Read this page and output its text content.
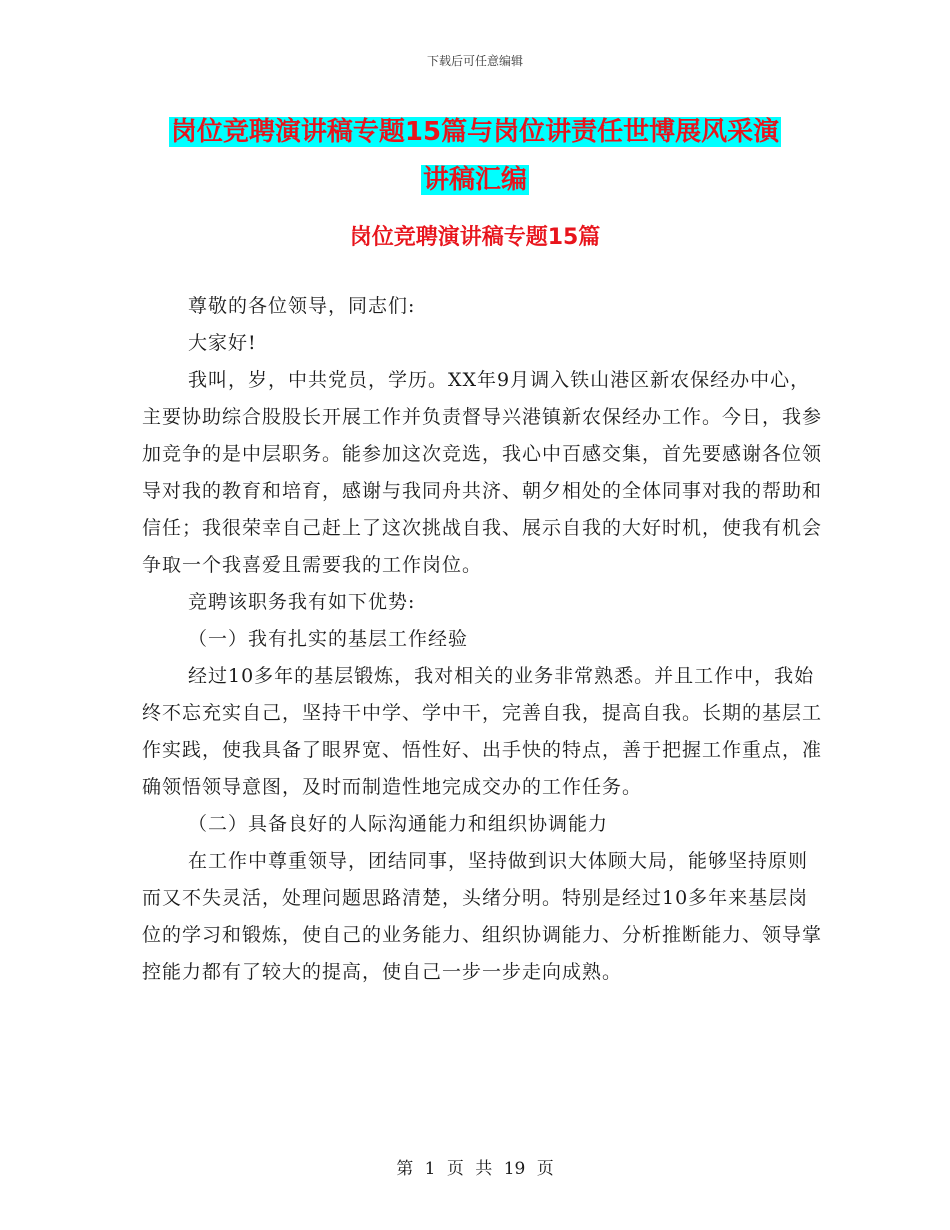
下载后可任意编辑
岗位竞聘演讲稿专题15篇与岗位讲责任世博展风采演
讲稿汇编
岗位竞聘演讲稿专题15篇

尊敬的各位领导，同志们:

大家好!

我叫，岁，中共党员，学历。XX年9月调入铁山港区新农保经办中心，主要协助综合股股长开展工作并负责督导兴港镇新农保经办工作。今日，我参加竞争的是中层职务。能参加这次竞选，我心中百感交集，首先要感谢各位领导对我的教育和培育，感谢与我同舟共济、朝夕相处的全体同事对我的帮助和信任；我很荣幸自己赶上了这次挑战自我、展示自我的大好时机，使我有机会争取一个我喜爱且需要我的工作岗位。

竞聘该职务我有如下优势:

（一）我有扎实的基层工作经验

经过10多年的基层锻炼，我对相关的业务非常熟悉。并且工作中，我始终不忘充实自己，坚持干中学、学中干，完善自我，提高自我。长期的基层工作实践，使我具备了眼界宽、悟性好、出手快的特点，善于把握工作重点，准确领悟领导意图，及时而制造性地完成交办的工作任务。

（二）具备良好的人际沟通能力和组织协调能力

在工作中尊重领导，团结同事，坚持做到识大体顾大局，能够坚持原则而又不失灵活，处理问题思路清楚，头绪分明。特别是经过10多年来基层岗位的学习和锻炼，使自己的业务能力、组织协调能力、分析推断能力、领导掌控能力都有了较大的提高，使自己一步一步走向成熟。

第 1 页 共 19 页
